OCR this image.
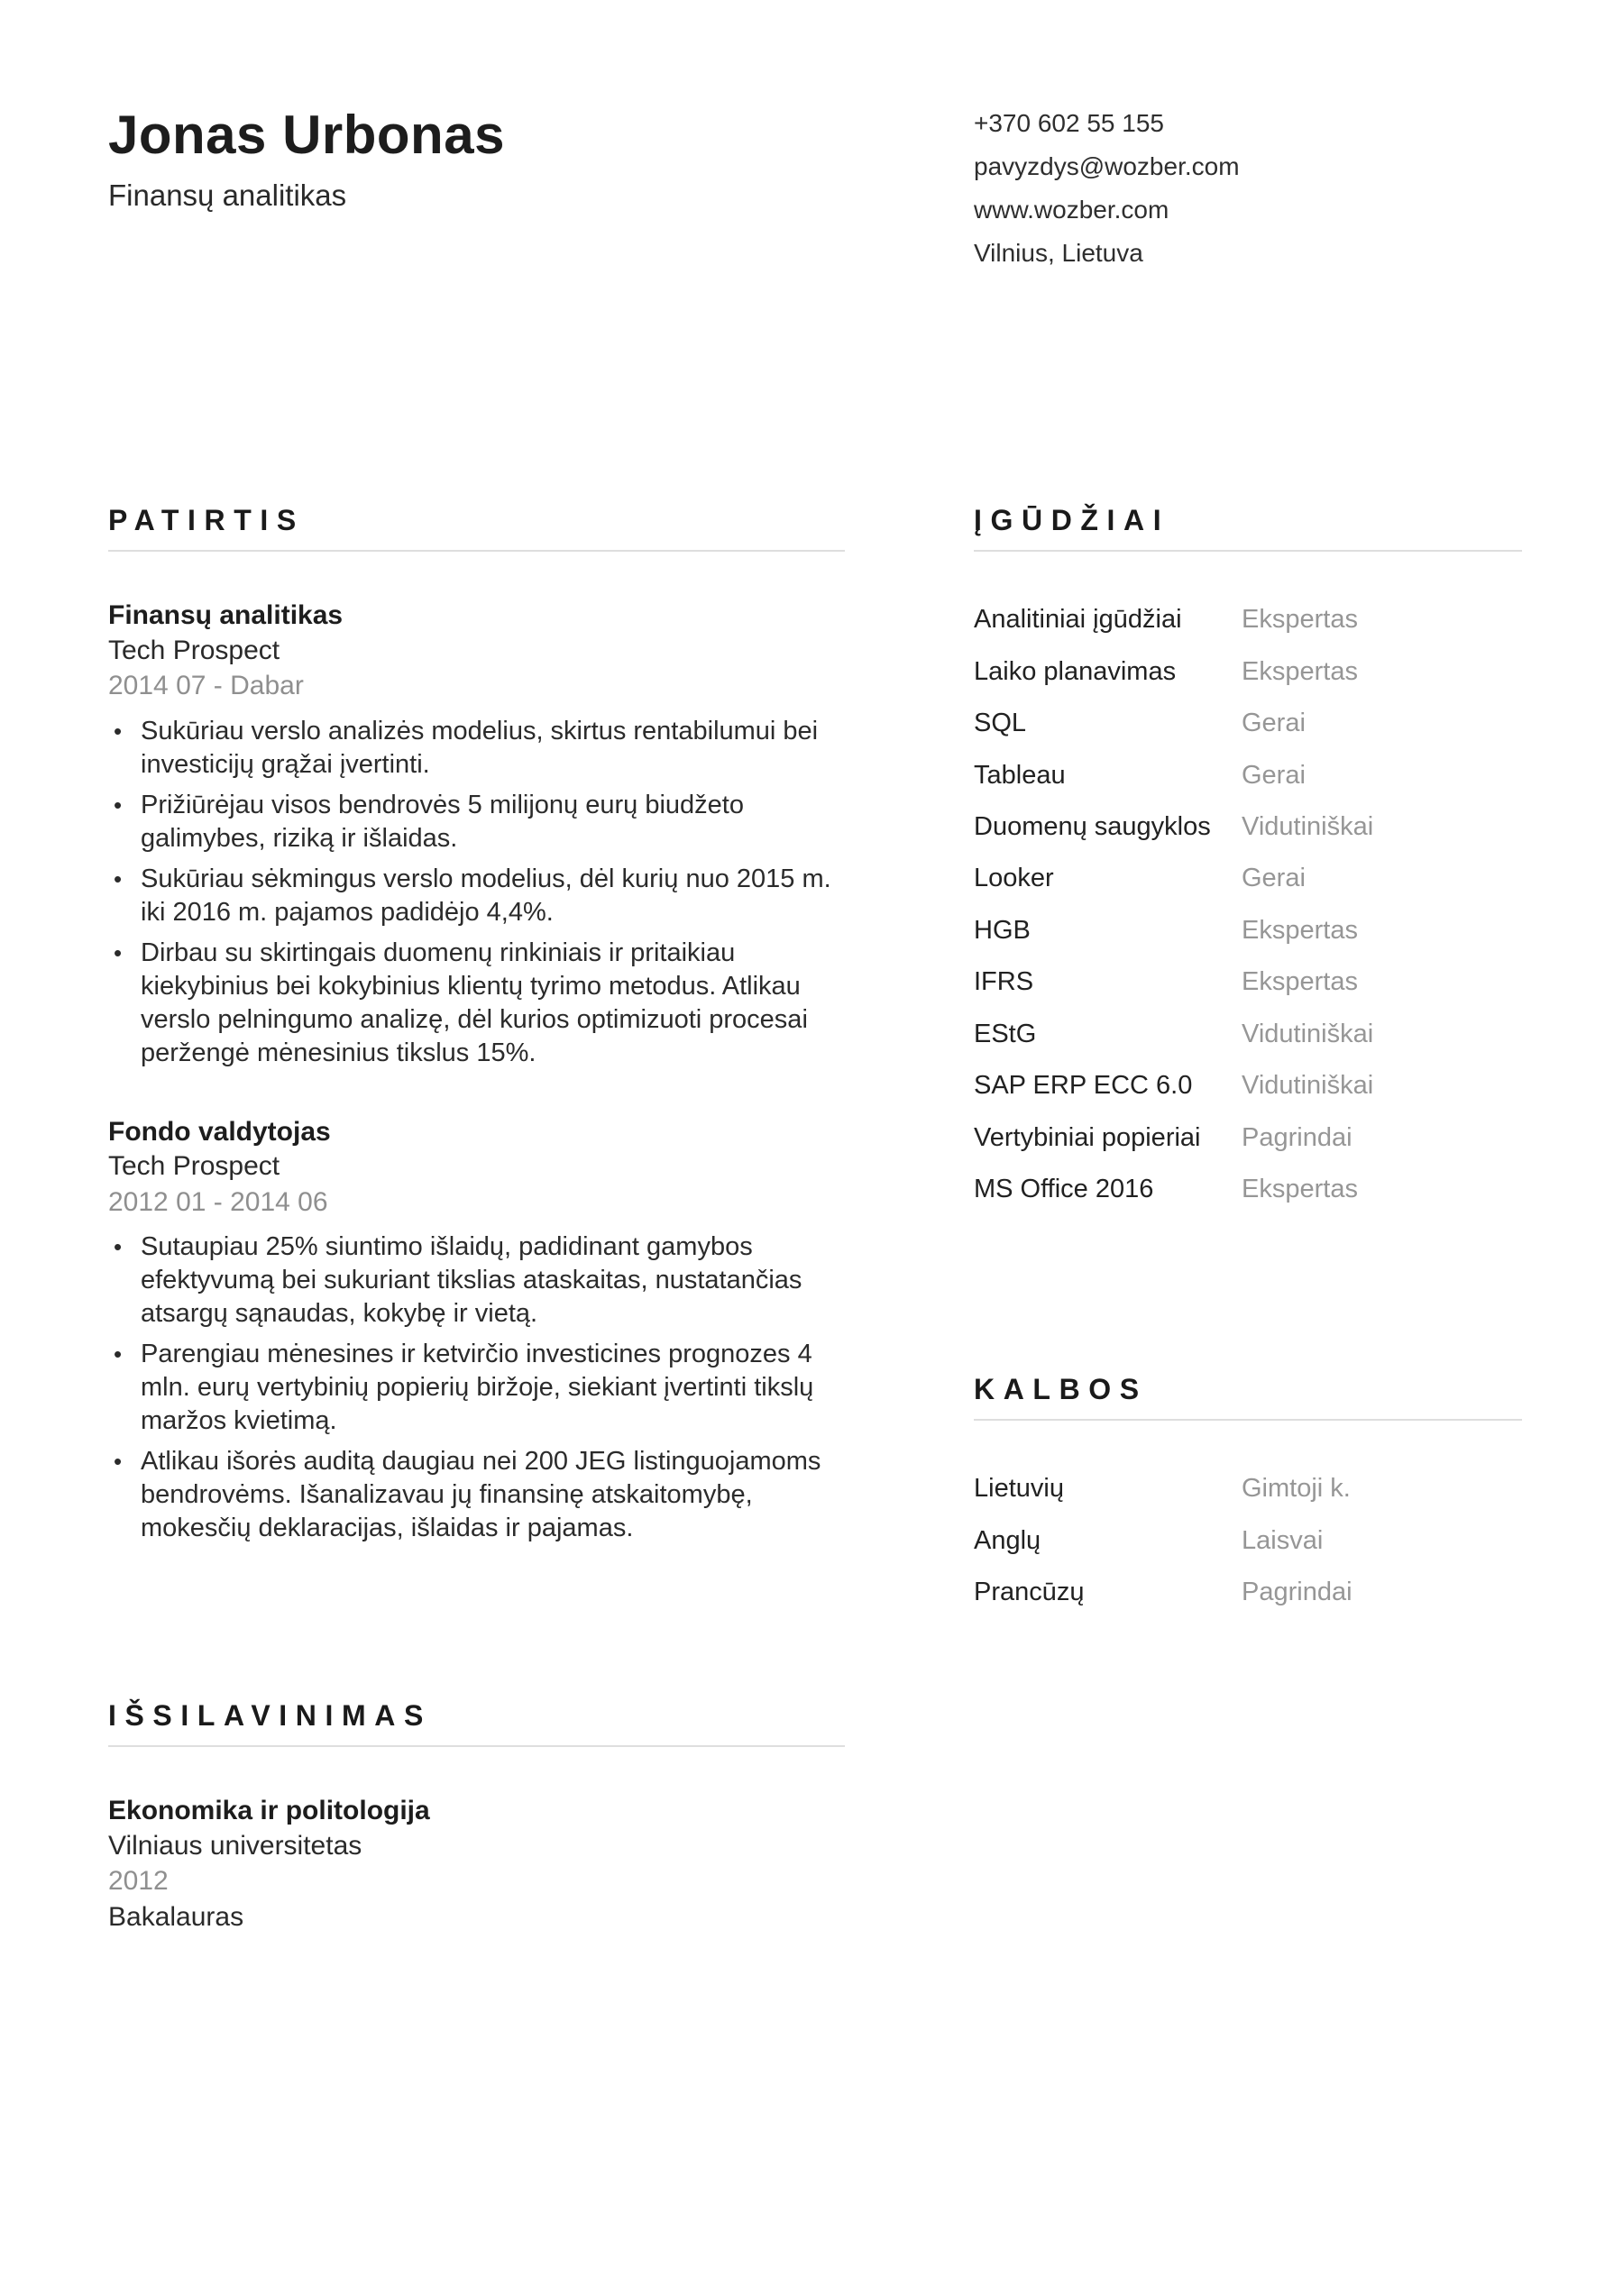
Jonas Urbonas
Finansų analitikas
+370 602 55 155
pavyzdys@wozber.com
www.wozber.com
Vilnius, Lietuva
PATIRTIS
Finansų analitikas
Tech Prospect
2014 07 - Dabar
• Sukūriau verslo analizės modelius, skirtus rentabilumui bei investicijų grąžai įvertinti.
• Prižiūrėjau visos bendrovės 5 milijonų eurų biudžeto galimybes, riziką ir išlaidas.
• Sukūriau sėkmingus verslo modelius, dėl kurių nuo 2015 m. iki 2016 m. pajamos padidėjo 4,4%.
• Dirbau su skirtingais duomenų rinkiniais ir pritaikiau kiekybinius bei kokybinius klientų tyrimo metodus. Atlikau verslo pelningumo analizę, dėl kurios optimizuoti procesai peržengė mėnesinius tikslus 15%.
Fondo valdytojas
Tech Prospect
2012 01 - 2014 06
• Sutaupiau 25% siuntimo išlaidų, padidinant gamybos efektyvumą bei sukuriant tikslias ataskaitas, nustatančias atsargų sąnaudas, kokybę ir vietą.
• Parengiau mėnesines ir ketvirčio investicines prognozes 4 mln. eurų vertybinių popierių biržoje, siekiant įvertinti tikslų maržos kvietimą.
• Atlikau išorės auditą daugiau nei 200 JEG listinguojamoms bendrovėms. Išanalizavau jų finansinę atskaitomybę, mokesčių deklaracijas, išlaidas ir pajamas.
IŠSILAVINIMAS
Ekonomika ir politologija
Vilniaus universitetas
2012
Bakalauras
ĮGŪDŽIAI
Analitiniai įgūdžiai Ekspertas
Laiko planavimas	Ekspertas
SQL	Gerai
Tableau	Gerai
Duomenų saugyklos Vidutiniškai
Looker	Gerai
HGB	Ekspertas
IFRS	Ekspertas
EStG	Vidutiniškai
SAP ERP ECC 6.0 Vidutiniškai
Vertybiniai popieriai Pagrindai
MS Office 2016	Ekspertas
KALBOS
Lietuvių	Gimtoji k.
Anglų	Laisvai
Prancūzų	Pagrindai
